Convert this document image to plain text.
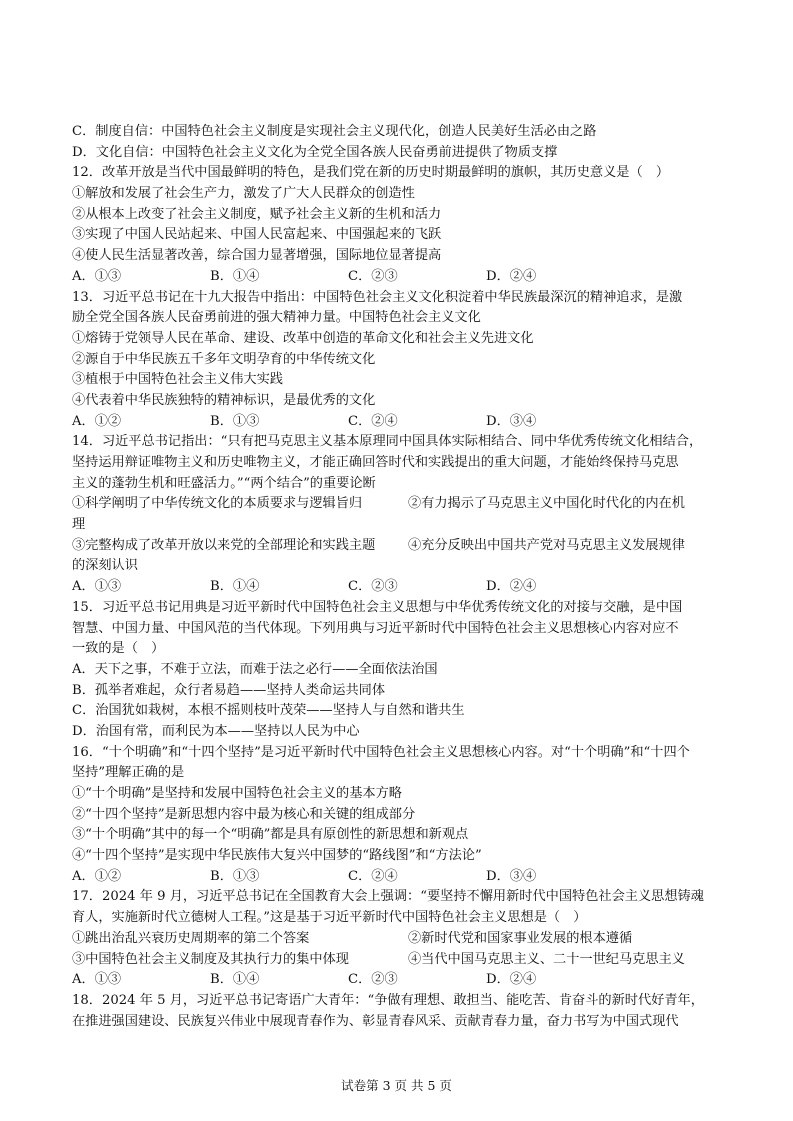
C．制度自信：中国特色社会主义制度是实现社会主义现代化，创造人民美好生活必由之路
D．文化自信：中国特色社会主义文化为全党全国各族人民奋勇前进提供了物质支撑
12．改革开放是当代中国最鲜明的特色，是我们党在新的历史时期最鲜明的旗帜，其历史意义是（　）
①解放和发展了社会生产力，激发了广大人民群众的创造性
②从根本上改变了社会主义制度，赋予社会主义新的生机和活力
③实现了中国人民站起来、中国人民富起来、中国强起来的飞跃
④使人民生活显著改善，综合国力显著增强，国际地位显著提高
A．①③	B．①④	C．②③	D．②④
13．习近平总书记在十九大报告中指出：中国特色社会主义文化积淀着中华民族最深沉的精神追求，是激
励全党全国各族人民奋勇前进的强大精神力量。中国特色社会主义文化
①熔铸于党领导人民在革命、建设、改革中创造的革命文化和社会主义先进文化
②源自于中华民族五千多年文明孕育的中华传统文化
③植根于中国特色社会主义伟大实践
④代表着中华民族独特的精神标识，是最优秀的文化
A．①②	B．①③	C．②④	D．③④
14．习近平总书记指出：“只有把马克思主义基本原理同中国具体实际相结合、同中华优秀传统文化相结合，
坚持运用辩证唯物主义和历史唯物主义，才能正确回答时代和实践提出的重大问题，才能始终保持马克思
主义的蓬勃生机和旺盛活力。”“两个结合”的重要论断
①科学阐明了中华传统文化的本质要求与逻辑旨归	②有力揭示了马克思主义中国化时代化的内在机
理
③完整构成了改革开放以来党的全部理论和实践主题	④充分反映出中国共产党对马克思主义发展规律
的深刻认识
A．①③	B．①④	C．②③	D．②④
15．习近平总书记用典是习近平新时代中国特色社会主义思想与中华优秀传统文化的对接与交融，是中国
智慧、中国力量、中国风范的当代体现。下列用典与习近平新时代中国特色社会主义思想核心内容对应不
一致的是（　）
A．天下之事，不难于立法，而难于法之必行——全面依法治国
B．孤举者难起，众行者易趋——坚持人类命运共同体
C．治国犹如栽树，本根不摇则枝叶茂荣——坚持人与自然和谐共生
D．治国有常，而利民为本——坚持以人民为中心
16．“十个明确”和“十四个坚持”是习近平新时代中国特色社会主义思想核心内容。对“十个明确”和“十四个
坚持”理解正确的是
①“十个明确”是坚持和发展中国特色社会主义的基本方略
②“十四个坚持”是新思想内容中最为核心和关键的组成部分
③“十个明确”其中的每一个“明确”都是具有原创性的新思想和新观点
④“十四个坚持”是实现中华民族伟大复兴中国梦的“路线图”和“方法论”
A．①②	B．①③	C．②④	D．③④
17．2024 年 9 月，习近平总书记在全国教育大会上强调：“要坚持不懈用新时代中国特色社会主义思想铸魂
育人，实施新时代立德树人工程。”这是基于习近平新时代中国特色社会主义思想是（　）
①跳出治乱兴衰历史周期率的第二个答案	②新时代党和国家事业发展的根本遵循
③中国特色社会主义制度及其执行力的集中体现	④当代中国马克思主义、二十一世纪马克思主义
A．①③	B．①④	C．②③	D．②④
18．2024 年 5 月，习近平总书记寄语广大青年：“争做有理想、敢担当、能吃苦、肯奋斗的新时代好青年，
在推进强国建设、民族复兴伟业中展现青春作为、彰显青春风采、贡献青春力量，奋力书写为中国式现代
试卷第 3 页 共 5 页
